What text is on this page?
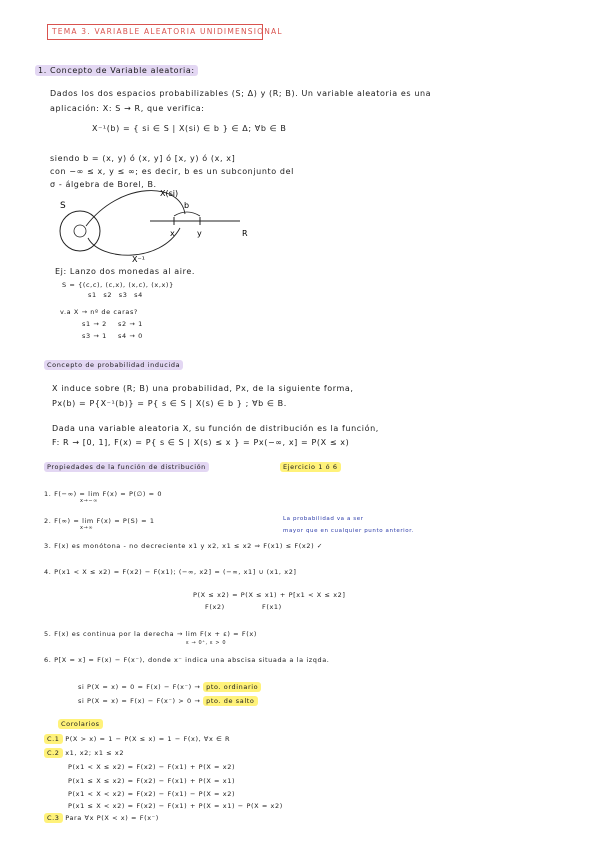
TEMA 3. VARIABLE ALEATORIA UNIDIMENSIONAL
1. Concepto de Variable aleatoria:
Dados los dos espacios probabilizables (S; Δ) y (R; B). Un variable aleatoria es una
aplicación: X: S → R, que verifica:
X⁻¹(b) = { si ∈ S | X(si) ∈ b } ∈ Δ; ∀b ∈ B
siendo b = (x, y) ó (x, y] ó [x, y) ó (x, x]
con −∞ ≤ x, y ≤ ∞; es decir, b es un subconjunto del
σ - álgebra de Borel, B.
S
X(si)
b
x	y	R
X⁻¹
Ej: Lanzo dos monedas al aire.
S = {(c,c), (c,x), (x,c), (x,x)}
s1 s2 s3 s4
v.a X → nº de caras?
s1 → 2 s2 → 1
s3 → 1 s4 → 0
Concepto de probabilidad inducida
X induce sobre (R; B) una probabilidad, Px, de la siguiente forma,
Px(b) = P{X⁻¹(b)} = P{ s ∈ S | X(s) ∈ b } ; ∀b ∈ B.
Dada una variable aleatoria X, su función de distribución es la función,
F: R → [0, 1], F(x) = P{ s ∈ S | X(s) ≤ x } = Px(−∞, x] = P(X ≤ x)
Propiedades de la función de distribución	Ejercicio 1 ó 6
1. F(−∞) = lim F(x) = P(∅) = 0
x→−∞
2. F(∞) = lim F(x) = P(S) = 1
x→∞
La probabilidad va a ser
mayor que en cualquier punto anterior.
3. F(x) es monótona - no decreciente x1 y x2, x1 ≤ x2 ⇒ F(x1) ≤ F(x2) ✓
4. P(x1 < X ≤ x2) = F(x2) − F(x1); (−∞, x2] = (−∞, x1] ∪ (x1, x2]
P(X ≤ x2) = P(X ≤ x1) + P[x1 < X ≤ x2]
F(x2)	F(x1)
5. F(x) es continua por la derecha → lim F(x + ε) = F(x)
ε → 0⁺, ε > 0
6. P[X = x] = F(x) − F(x⁻), donde x⁻ indica una abscisa situada a la izqda.
si P(X = x) = 0 = F(x) − F(x⁻) → pto. ordinario
si P(X = x) = F(x) − F(x⁻) > 0 → pto. de salto
Corolarios
C.1 P(X > x) = 1 − P(X ≤ x) = 1 − F(x), ∀x ∈ R
C.2 x1, x2; x1 ≤ x2
P(x1 < X ≤ x2) = F(x2) − F(x1) + P(X = x2)
P(x1 ≤ X ≤ x2) = F(x2) − F(x1) + P(X = x1)
P(x1 < X < x2) = F(x2) − F(x1) − P(X = x2)
P(x1 ≤ X < x2) = F(x2) − F(x1) + P(X = x1) − P(X = x2)
C.3 Para ∀x P(X < x) = F(x⁻)
